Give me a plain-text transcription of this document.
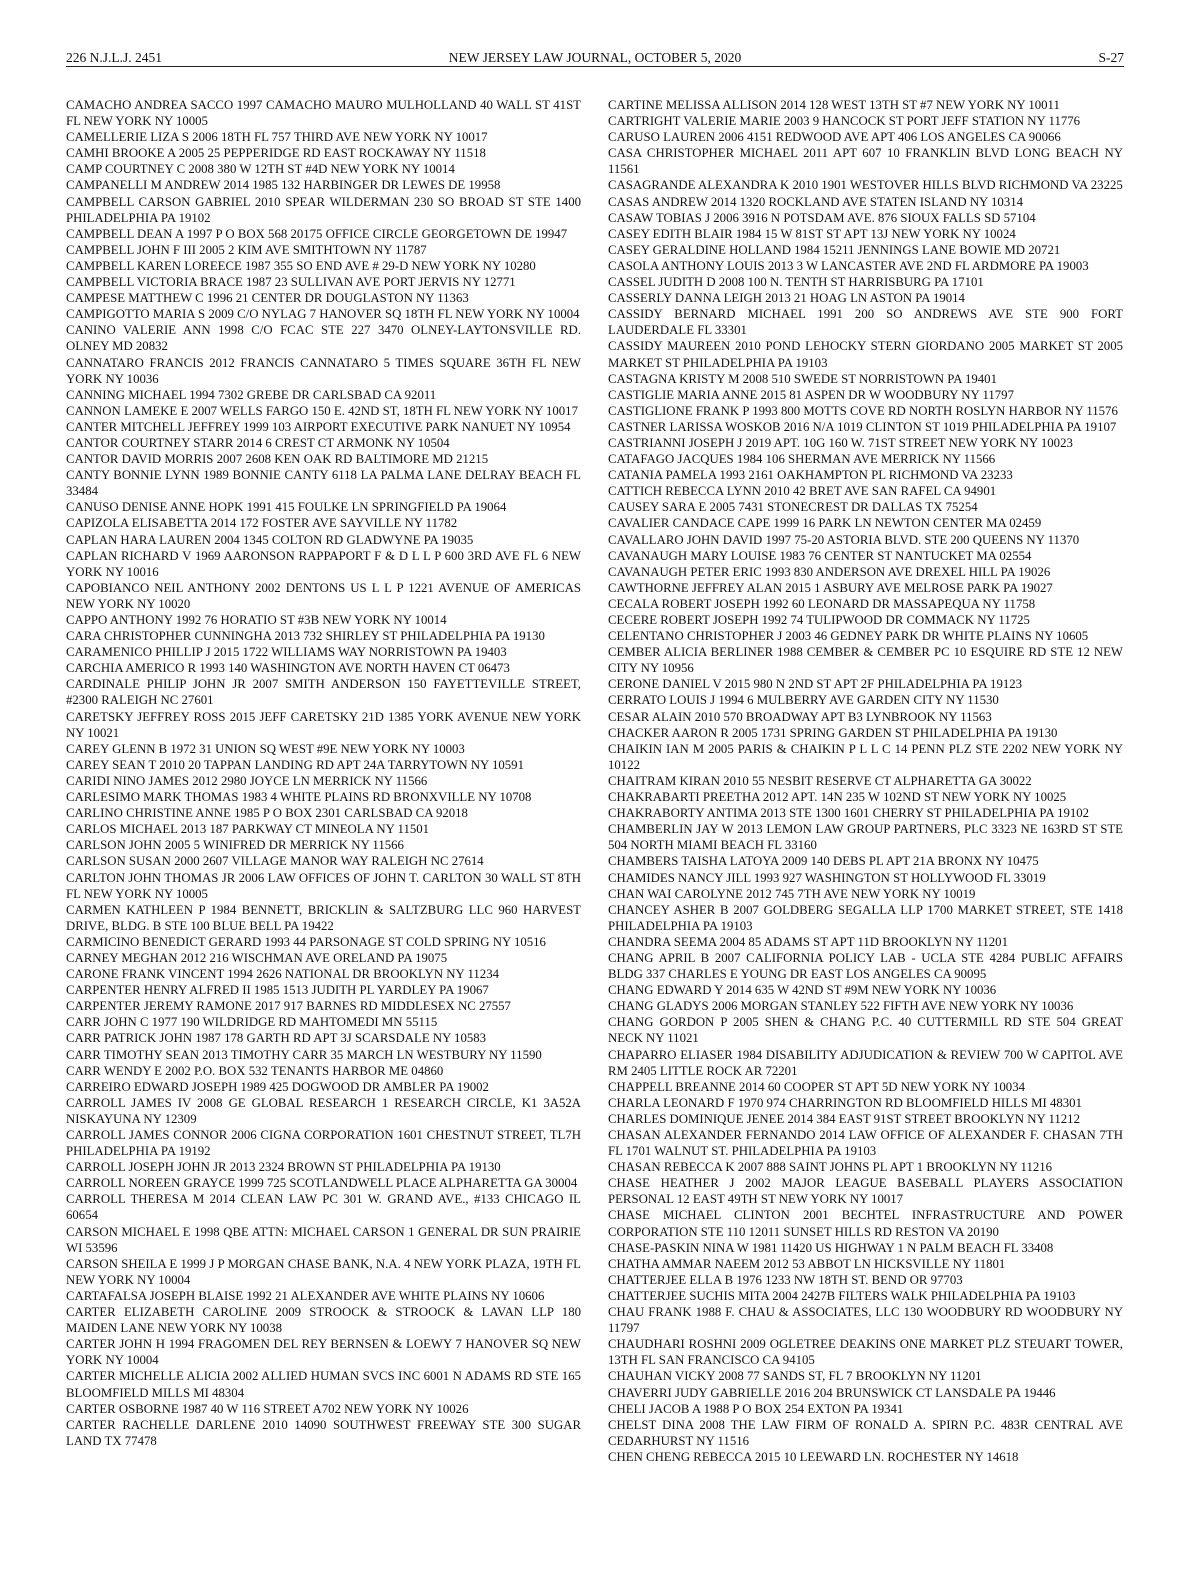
226 N.J.L.J. 2451	NEW JERSEY LAW JOURNAL, OCTOBER 5, 2020	S-27

CAMACHO ANDREA SACCO 1997 CAMACHO MAURO MULHOLLAND 40 WALL ST 41ST FL NEW YORK NY 10005

CAMELLERIE LIZA S 2006 18TH FL 757 THIRD AVE NEW YORK NY 10017

CAMHI BROOKE A 2005 25 PEPPERIDGE RD EAST ROCKAWAY NY 11518

CAMP COURTNEY C 2008 380 W 12TH ST #4D NEW YORK NY 10014

CAMPANELLI M ANDREW 2014 1985 132 HARBINGER DR LEWES DE 19958

CAMPBELL CARSON GABRIEL 2010 SPEAR WILDERMAN 230 SO BROAD ST STE 1400 PHILADELPHIA PA 19102

CAMPBELL DEAN A 1997 P O BOX 568 20175 OFFICE CIRCLE GEORGETOWN DE 19947

CAMPBELL JOHN F III 2005 2 KIM AVE SMITHTOWN NY 11787

CAMPBELL KAREN LOREECE 1987 355 SO END AVE # 29-D NEW YORK NY 10280

CAMPBELL VICTORIA BRACE 1987 23 SULLIVAN AVE PORT JERVIS NY 12771

CAMPESE MATTHEW C 1996 21 CENTER DR DOUGLASTON NY 11363

CAMPIGOTTO MARIA S 2009 C/O NYLAG 7 HANOVER SQ 18TH FL NEW YORK NY 10004

CANINO VALERIE ANN 1998 C/O FCAC STE 227 3470 OLNEY-LAYTONSVILLE RD. OLNEY MD 20832

CANNATARO FRANCIS 2012 FRANCIS CANNATARO 5 TIMES SQUARE 36TH FL NEW YORK NY 10036

CANNING MICHAEL 1994 7302 GREBE DR CARLSBAD CA 92011

CANNON LAMEKE E 2007 WELLS FARGO 150 E. 42ND ST, 18TH FL NEW YORK NY 10017

CANTER MITCHELL JEFFREY 1999 103 AIRPORT EXECUTIVE PARK NANUET NY 10954

CANTOR COURTNEY STARR 2014 6 CREST CT ARMONK NY 10504

CANTOR DAVID MORRIS 2007 2608 KEN OAK RD BALTIMORE MD 21215

CANTY BONNIE LYNN 1989 BONNIE CANTY 6118 LA PALMA LANE DELRAY BEACH FL 33484

CANUSO DENISE ANNE HOPK 1991 415 FOULKE LN SPRINGFIELD PA 19064

CAPIZOLA ELISABETTA 2014 172 FOSTER AVE SAYVILLE NY 11782

CAPLAN HARA LAUREN 2004 1345 COLTON RD GLADWYNE PA 19035

CAPLAN RICHARD V 1969 AARONSON RAPPAPORT F & D L L P 600 3RD AVE FL 6 NEW YORK NY 10016

CAPOBIANCO NEIL ANTHONY 2002 DENTONS US L L P 1221 AVENUE OF AMERICAS NEW YORK NY 10020

CAPPO ANTHONY 1992 76 HORATIO ST #3B NEW YORK NY 10014

CARA CHRISTOPHER CUNNINGHA 2013 732 SHIRLEY ST PHILADELPHIA PA 19130

CARAMENICO PHILLIP J 2015 1722 WILLIAMS WAY NORRISTOWN PA 19403

CARCHIA AMERICO R 1993 140 WASHINGTON AVE NORTH HAVEN CT 06473

CARDINALE PHILIP JOHN JR 2007 SMITH ANDERSON 150 FAYETTEVILLE STREET, #2300 RALEIGH NC 27601

CARETSKY JEFFREY ROSS 2015 JEFF CARETSKY 21D 1385 YORK AVENUE NEW YORK NY 10021

CAREY GLENN B 1972 31 UNION SQ WEST #9E NEW YORK NY 10003

CAREY SEAN T 2010 20 TAPPAN LANDING RD APT 24A TARRYTOWN NY 10591

CARIDI NINO JAMES 2012 2980 JOYCE LN MERRICK NY 11566

CARLESIMO MARK THOMAS 1983 4 WHITE PLAINS RD BRONXVILLE NY 10708

CARLINO CHRISTINE ANNE 1985 P O BOX 2301 CARLSBAD CA 92018

CARLOS MICHAEL 2013 187 PARKWAY CT MINEOLA NY 11501

CARLSON JOHN 2005 5 WINIFRED DR MERRICK NY 11566

CARLSON SUSAN 2000 2607 VILLAGE MANOR WAY RALEIGH NC 27614

CARLTON JOHN THOMAS JR 2006 LAW OFFICES OF JOHN T. CARLTON 30 WALL ST 8TH FL NEW YORK NY 10005

CARMEN KATHLEEN P 1984 BENNETT, BRICKLIN & SALTZBURG LLC 960 HARVEST DRIVE, BLDG. B STE 100 BLUE BELL PA 19422

CARMICINO BENEDICT GERARD 1993 44 PARSONAGE ST COLD SPRING NY 10516

CARNEY MEGHAN 2012 216 WISCHMAN AVE ORELAND PA 19075

CARONE FRANK VINCENT 1994 2626 NATIONAL DR BROOKLYN NY 11234

CARPENTER HENRY ALFRED II 1985 1513 JUDITH PL YARDLEY PA 19067

CARPENTER JEREMY RAMONE 2017 917 BARNES RD MIDDLESEX NC 27557

CARR JOHN C 1977 190 WILDRIDGE RD MAHTOMEDI MN 55115

CARR PATRICK JOHN 1987 178 GARTH RD APT 3J SCARSDALE NY 10583

CARR TIMOTHY SEAN 2013 TIMOTHY CARR 35 MARCH LN WESTBURY NY 11590

CARR WENDY E 2002 P.O. BOX 532 TENANTS HARBOR ME 04860

CARREIRO EDWARD JOSEPH 1989 425 DOGWOOD DR AMBLER PA 19002

CARROLL JAMES IV 2008 GE GLOBAL RESEARCH 1 RESEARCH CIRCLE, K1 3A52A NISKAYUNA NY 12309

CARROLL JAMES CONNOR 2006 CIGNA CORPORATION 1601 CHESTNUT STREET, TL7H PHILADELPHIA PA 19192

CARROLL JOSEPH JOHN JR 2013 2324 BROWN ST PHILADELPHIA PA 19130

CARROLL NOREEN GRAYCE 1999 725 SCOTLANDWELL PLACE ALPHARETTA GA 30004

CARROLL THERESA M 2014 CLEAN LAW PC 301 W. GRAND AVE., #133 CHICAGO IL 60654

CARSON MICHAEL E 1998 QBE ATTN: MICHAEL CARSON 1 GENERAL DR SUN PRAIRIE WI 53596

CARSON SHEILA E 1999 J P MORGAN CHASE BANK, N.A. 4 NEW YORK PLAZA, 19TH FL NEW YORK NY 10004

CARTAFALSA JOSEPH BLAISE 1992 21 ALEXANDER AVE WHITE PLAINS NY 10606

CARTER ELIZABETH CAROLINE 2009 STROOCK & STROOCK & LAVAN LLP 180 MAIDEN LANE NEW YORK NY 10038

CARTER JOHN H 1994 FRAGOMEN DEL REY BERNSEN & LOEWY 7 HANOVER SQ NEW YORK NY 10004

CARTER MICHELLE ALICIA 2002 ALLIED HUMAN SVCS INC 6001 N ADAMS RD STE 165 BLOOMFIELD MILLS MI 48304

CARTER OSBORNE 1987 40 W 116 STREET A702 NEW YORK NY 10026

CARTER RACHELLE DARLENE 2010 14090 SOUTHWEST FREEWAY STE 300 SUGAR LAND TX 77478

CARTINE MELISSA ALLISON 2014 128 WEST 13TH ST #7 NEW YORK NY 10011

CARTRIGHT VALERIE MARIE 2003 9 HANCOCK ST PORT JEFF STATION NY 11776

CARUSO LAUREN 2006 4151 REDWOOD AVE APT 406 LOS ANGELES CA 90066

CASA CHRISTOPHER MICHAEL 2011 APT 607 10 FRANKLIN BLVD LONG BEACH NY 11561

CASAGRANDE ALEXANDRA K 2010 1901 WESTOVER HILLS BLVD RICHMOND VA 23225

CASAS ANDREW 2014 1320 ROCKLAND AVE STATEN ISLAND NY 10314

CASAW TOBIAS J 2006 3916 N POTSDAM AVE. 876 SIOUX FALLS SD 57104

CASEY EDITH BLAIR 1984 15 W 81ST ST APT 13J NEW YORK NY 10024

CASEY GERALDINE HOLLAND 1984 15211 JENNINGS LANE BOWIE MD 20721

CASOLA ANTHONY LOUIS 2013 3 W LANCASTER AVE 2ND FL ARDMORE PA 19003

CASSEL JUDITH D 2008 100 N. TENTH ST HARRISBURG PA 17101

CASSERLY DANNA LEIGH 2013 21 HOAG LN ASTON PA 19014

CASSIDY BERNARD MICHAEL 1991 200 SO ANDREWS AVE STE 900 FORT LAUDERDALE FL 33301

CASSIDY MAUREEN 2010 POND LEHOCKY STERN GIORDANO 2005 MARKET ST 2005 MARKET ST PHILADELPHIA PA 19103

CASTAGNA KRISTY M 2008 510 SWEDE ST NORRISTOWN PA 19401

CASTIGLIE MARIA ANNE 2015 81 ASPEN DR W WOODBURY NY 11797

CASTIGLIONE FRANK P 1993 800 MOTTS COVE RD NORTH ROSLYN HARBOR NY 11576

CASTNER LARISSA WOSKOB 2016 N/A 1019 CLINTON ST 1019 PHILADELPHIA PA 19107

CASTRIANNI JOSEPH J 2019 APT. 10G 160 W. 71ST STREET NEW YORK NY 10023

CATAFAGO JACQUES 1984 106 SHERMAN AVE MERRICK NY 11566

CATANIA PAMELA 1993 2161 OAKHAMPTON PL RICHMOND VA 23233

CATTICH REBECCA LYNN 2010 42 BRET AVE SAN RAFEL CA 94901

CAUSEY SARA E 2005 7431 STONECREST DR DALLAS TX 75254

CAVALIER CANDACE CAPE 1999 16 PARK LN NEWTON CENTER MA 02459

CAVALLARO JOHN DAVID 1997 75-20 ASTORIA BLVD. STE 200 QUEENS NY 11370

CAVANAUGH MARY LOUISE 1983 76 CENTER ST NANTUCKET MA 02554

CAVANAUGH PETER ERIC 1993 830 ANDERSON AVE DREXEL HILL PA 19026

CAWTHORNE JEFFREY ALAN 2015 1 ASBURY AVE MELROSE PARK PA 19027

CECALA ROBERT JOSEPH 1992 60 LEONARD DR MASSAPEQUA NY 11758

CECERE ROBERT JOSEPH 1992 74 TULIPWOOD DR COMMACK NY 11725

CELENTANO CHRISTOPHER J 2003 46 GEDNEY PARK DR WHITE PLAINS NY 10605

CEMBER ALICIA BERLINER 1988 CEMBER & CEMBER PC 10 ESQUIRE RD STE 12 NEW CITY NY 10956

CERONE DANIEL V 2015 980 N 2ND ST APT 2F PHILADELPHIA PA 19123

CERRATO LOUIS J 1994 6 MULBERRY AVE GARDEN CITY NY 11530

CESAR ALAIN 2010 570 BROADWAY APT B3 LYNBROOK NY 11563

CHACKER AARON R 2005 1731 SPRING GARDEN ST PHILADELPHIA PA 19130

CHAIKIN IAN M 2005 PARIS & CHAIKIN P L L C 14 PENN PLZ STE 2202 NEW YORK NY 10122

CHAITRAM KIRAN 2010 55 NESBIT RESERVE CT ALPHARETTA GA 30022

CHAKRABARTI PREETHA 2012 APT. 14N 235 W 102ND ST NEW YORK NY 10025

CHAKRABORTY ANTIMA 2013 STE 1300 1601 CHERRY ST PHILADELPHIA PA 19102

CHAMBERLIN JAY W 2013 LEMON LAW GROUP PARTNERS, PLC 3323 NE 163RD ST STE 504 NORTH MIAMI BEACH FL 33160

CHAMBERS TAISHA LATOYA 2009 140 DEBS PL APT 21A BRONX NY 10475

CHAMIDES NANCY JILL 1993 927 WASHINGTON ST HOLLYWOOD FL 33019

CHAN WAI CAROLYNE 2012 745 7TH AVE NEW YORK NY 10019

CHANCEY ASHER B 2007 GOLDBERG SEGALLA LLP 1700 MARKET STREET, STE 1418 PHILADELPHIA PA 19103

CHANDRA SEEMA 2004 85 ADAMS ST APT 11D BROOKLYN NY 11201

CHANG APRIL B 2007 CALIFORNIA POLICY LAB - UCLA STE 4284 PUBLIC AFFAIRS BLDG 337 CHARLES E YOUNG DR EAST LOS ANGELES CA 90095

CHANG EDWARD Y 2014 635 W 42ND ST #9M NEW YORK NY 10036

CHANG GLADYS 2006 MORGAN STANLEY 522 FIFTH AVE NEW YORK NY 10036

CHANG GORDON P 2005 SHEN & CHANG P.C. 40 CUTTERMILL RD STE 504 GREAT NECK NY 11021

CHAPARRO ELIASER 1984 DISABILITY ADJUDICATION & REVIEW 700 W CAPITOL AVE RM 2405 LITTLE ROCK AR 72201

CHAPPELL BREANNE 2014 60 COOPER ST APT 5D NEW YORK NY 10034

CHARLA LEONARD F 1970 974 CHARRINGTON RD BLOOMFIELD HILLS MI 48301

CHARLES DOMINIQUE JENEE 2014 384 EAST 91ST STREET BROOKLYN NY 11212

CHASAN ALEXANDER FERNANDO 2014 LAW OFFICE OF ALEXANDER F. CHASAN 7TH FL 1701 WALNUT ST. PHILADELPHIA PA 19103

CHASAN REBECCA K 2007 888 SAINT JOHNS PL APT 1 BROOKLYN NY 11216

CHASE HEATHER J 2002 MAJOR LEAGUE BASEBALL PLAYERS ASSOCIATION PERSONAL 12 EAST 49TH ST NEW YORK NY 10017

CHASE MICHAEL CLINTON 2001 BECHTEL INFRASTRUCTURE AND POWER CORPORATION STE 110 12011 SUNSET HILLS RD RESTON VA 20190

CHASE-PASKIN NINA W 1981 11420 US HIGHWAY 1 N PALM BEACH FL 33408

CHATHA AMMAR NAEEM 2012 53 ABBOT LN HICKSVILLE NY 11801

CHATTERJEE ELLA B 1976 1233 NW 18TH ST. BEND OR 97703

CHATTERJEE SUCHIS MITA 2004 2427B FILTERS WALK PHILADELPHIA PA 19103

CHAU FRANK 1988 F. CHAU & ASSOCIATES, LLC 130 WOODBURY RD WOODBURY NY 11797

CHAUDHARI ROSHNI 2009 OGLETREE DEAKINS ONE MARKET PLZ STEUART TOWER, 13TH FL SAN FRANCISCO CA 94105

CHAUHAN VICKY 2008 77 SANDS ST, FL 7 BROOKLYN NY 11201

CHAVERRI JUDY GABRIELLE 2016 204 BRUNSWICK CT LANSDALE PA 19446

CHELI JACOB A 1988 P O BOX 254 EXTON PA 19341

CHELST DINA 2008 THE LAW FIRM OF RONALD A. SPIRN P.C. 483R CENTRAL AVE CEDARHURST NY 11516

CHEN CHENG REBECCA 2015 10 LEEWARD LN. ROCHESTER NY 14618
